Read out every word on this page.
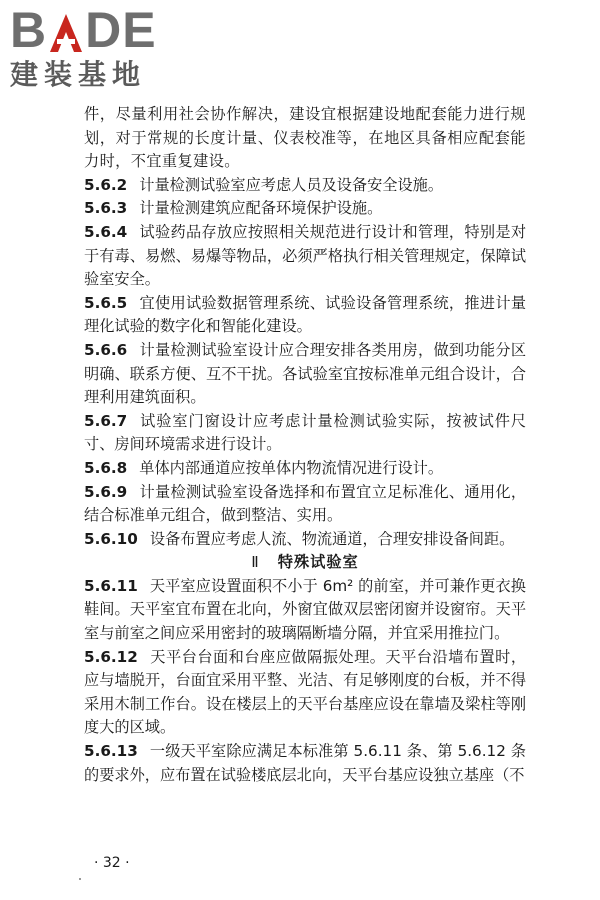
B DE
建装基地

件，尽量利用社会协作解决，建设宜根据建设地配套能力进行规划，对于常规的长度计量、仪表校准等，在地区具备相应配套能力时，不宜重复建设。

5.6.2 计量检测试验室应考虑人员及设备安全设施。

5.6.3 计量检测建筑应配备环境保护设施。

5.6.4 试验药品存放应按照相关规范进行设计和管理，特别是对于有毒、易燃、易爆等物品，必须严格执行相关管理规定，保障试验室安全。

5.6.5 宜使用试验数据管理系统、试验设备管理系统，推进计量理化试验的数字化和智能化建设。

5.6.6 计量检测试验室设计应合理安排各类用房，做到功能分区明确、联系方便、互不干扰。各试验室宜按标准单元组合设计，合理利用建筑面积。

5.6.7 试验室门窗设计应考虑计量检测试验实际，按被试件尺寸、房间环境需求进行设计。

5.6.8 单体内部通道应按单体内物流情况进行设计。

5.6.9 计量检测试验室设备选择和布置宜立足标准化、通用化，结合标准单元组合，做到整洁、实用。

5.6.10 设备布置应考虑人流、物流通道，合理安排设备间距。

Ⅱ 特殊试验室

5.6.11 天平室应设置面积不小于 6m² 的前室，并可兼作更衣换鞋间。天平室宜布置在北向，外窗宜做双层密闭窗并设窗帘。天平室与前室之间应采用密封的玻璃隔断墙分隔，并宜采用推拉门。

5.6.12 天平台台面和台座应做隔振处理。天平台沿墙布置时，应与墙脱开，台面宜采用平整、光洁、有足够刚度的台板，并不得采用木制工作台。设在楼层上的天平台基座应设在靠墙及梁柱等刚度大的区域。

5.6.13 一级天平室除应满足本标准第 5.6.11 条、第 5.6.12 条的要求外，应布置在试验楼底层北向，天平台基应设独立基座（不

· 32 ·
